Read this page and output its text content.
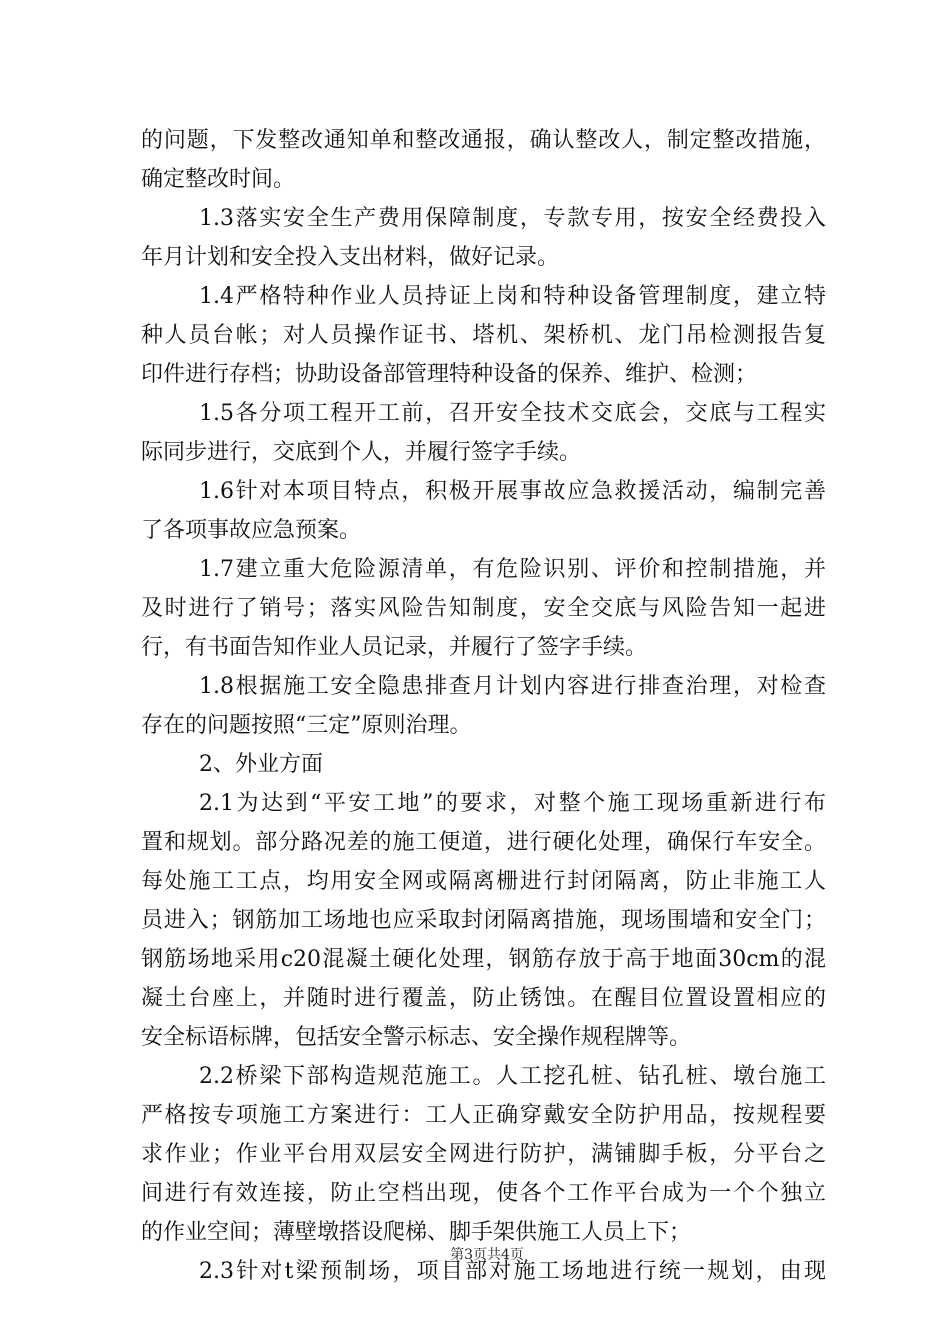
的问题，下发整改通知单和整改通报，确认整改人，制定整改措施，
确定整改时间。
1.3落实安全生产费用保障制度，专款专用，按安全经费投入
年月计划和安全投入支出材料，做好记录。
1.4严格特种作业人员持证上岗和特种设备管理制度，建立特
种人员台帐；对人员操作证书、塔机、架桥机、龙门吊检测报告复
印件进行存档；协助设备部管理特种设备的保养、维护、检测；
1.5各分项工程开工前，召开安全技术交底会，交底与工程实
际同步进行，交底到个人，并履行签字手续。
1.6针对本项目特点，积极开展事故应急救援活动，编制完善
了各项事故应急预案。
1.7建立重大危险源清单，有危险识别、评价和控制措施，并
及时进行了销号；落实风险告知制度，安全交底与风险告知一起进
行，有书面告知作业人员记录，并履行了签字手续。
1.8根据施工安全隐患排查月计划内容进行排查治理，对检查
存在的问题按照“三定”原则治理。
2、外业方面
2.1为达到“平安工地”的要求，对整个施工现场重新进行布
置和规划。部分路况差的施工便道，进行硬化处理，确保行车安全。
每处施工工点，均用安全网或隔离栅进行封闭隔离，防止非施工人
员进入；钢筋加工场地也应采取封闭隔离措施，现场围墙和安全门；
钢筋场地采用c20混凝土硬化处理，钢筋存放于高于地面30cm的混
凝土台座上，并随时进行覆盖，防止锈蚀。在醒目位置设置相应的
安全标语标牌，包括安全警示标志、安全操作规程牌等。
2.2桥梁下部构造规范施工。人工挖孔桩、钻孔桩、墩台施工
严格按专项施工方案进行：工人正确穿戴安全防护用品，按规程要
求作业；作业平台用双层安全网进行防护，满铺脚手板，分平台之
间进行有效连接，防止空档出现，使各个工作平台成为一个个独立
的作业空间；薄壁墩搭设爬梯、脚手架供施工人员上下；
2.3针对t梁预制场，项目部对施工场地进行统一规划，由现
第3页共4页
